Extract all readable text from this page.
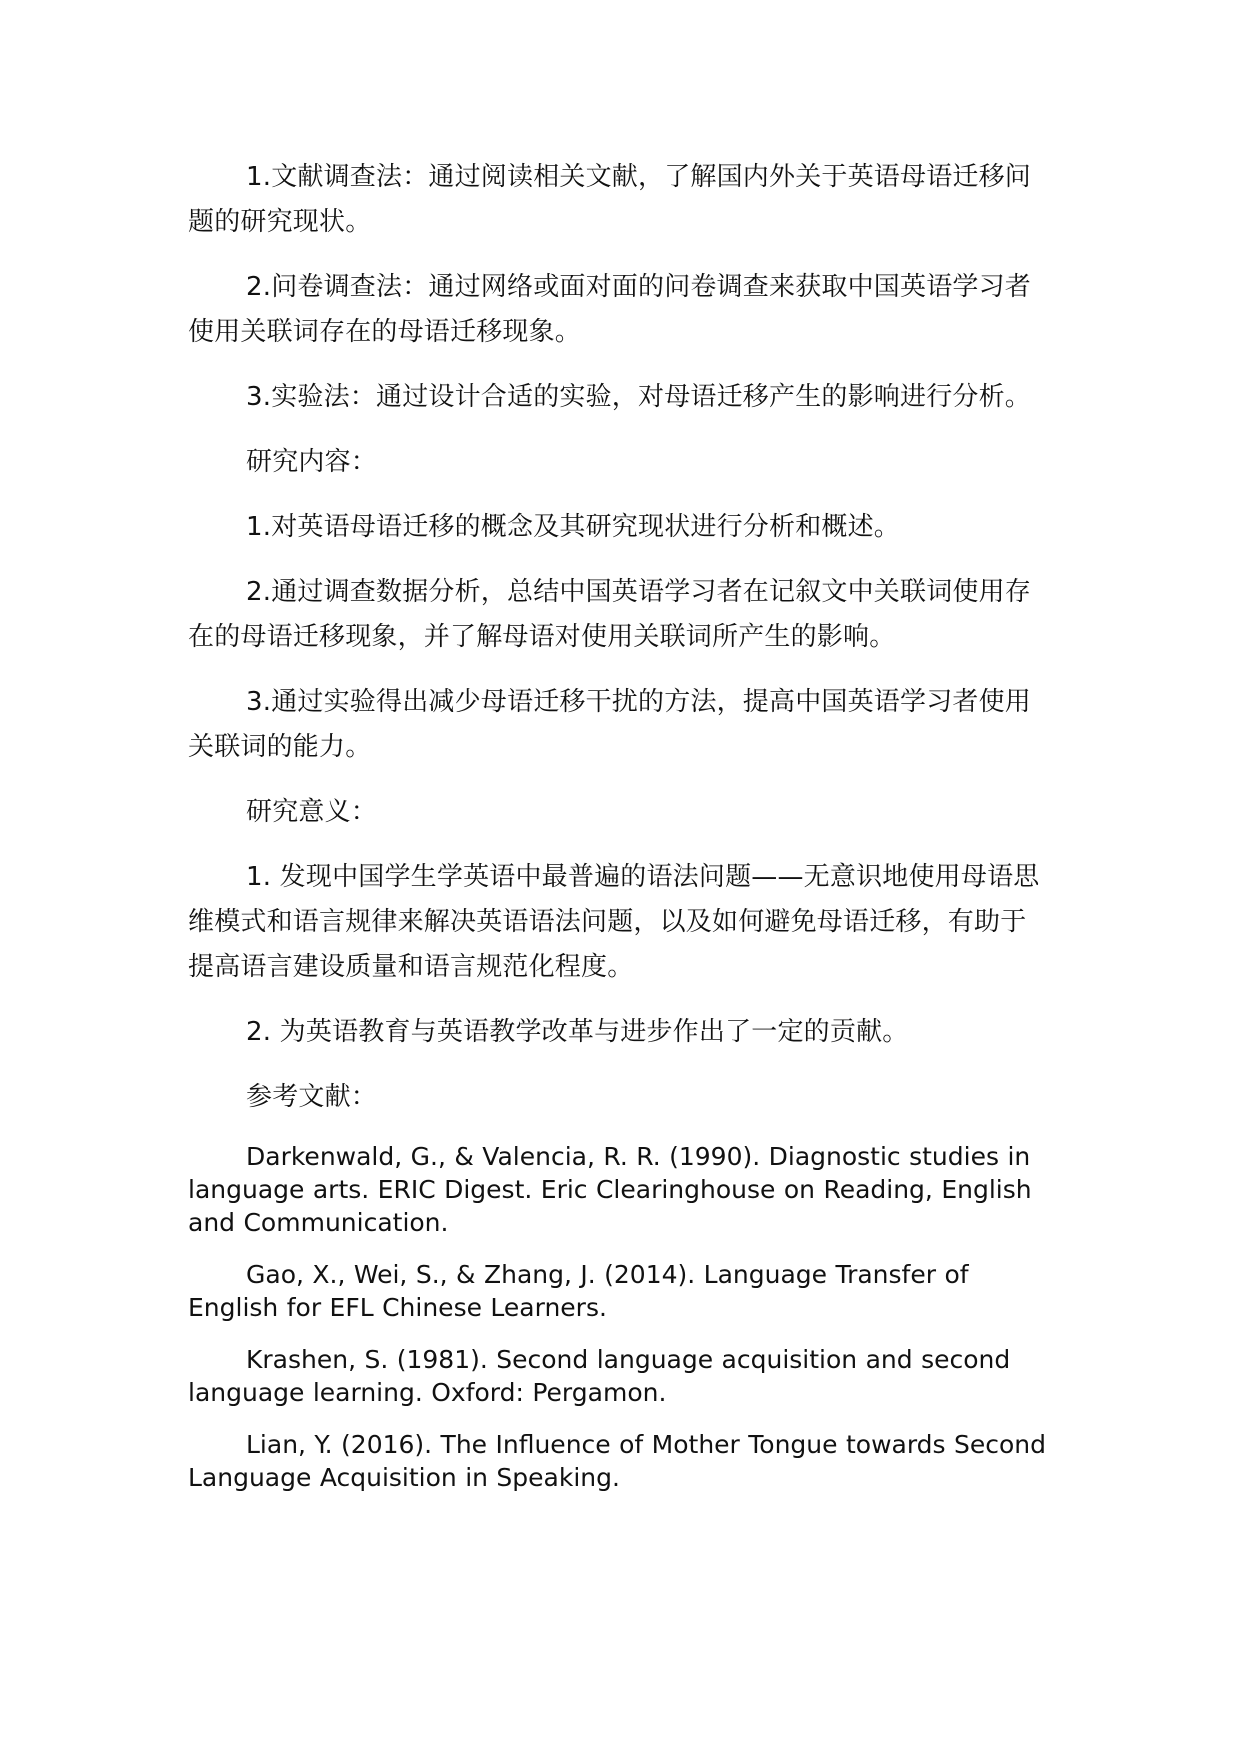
1.文献调查法：通过阅读相关文献，了解国内外关于英语母语迁移问题的研究现状。

2.问卷调查法：通过网络或面对面的问卷调查来获取中国英语学习者使用关联词存在的母语迁移现象。

3.实验法：通过设计合适的实验，对母语迁移产生的影响进行分析。

研究内容：

1.对英语母语迁移的概念及其研究现状进行分析和概述。

2.通过调查数据分析，总结中国英语学习者在记叙文中关联词使用存在的母语迁移现象，并了解母语对使用关联词所产生的影响。

3.通过实验得出减少母语迁移干扰的方法，提高中国英语学习者使用关联词的能力。

研究意义：

1. 发现中国学生学英语中最普遍的语法问题——无意识地使用母语思维模式和语言规律来解决英语语法问题，以及如何避免母语迁移，有助于提高语言建设质量和语言规范化程度。

2. 为英语教育与英语教学改革与进步作出了一定的贡献。

参考文献：

Darkenwald, G., & Valencia, R. R. (1990). Diagnostic studies in language arts. ERIC Digest. Eric Clearinghouse on Reading, English and Communication.

Gao, X., Wei, S., & Zhang, J. (2014). Language Transfer of English for EFL Chinese Learners.

Krashen, S. (1981). Second language acquisition and second language learning. Oxford: Pergamon.

Lian, Y. (2016). The Influence of Mother Tongue towards Second Language Acquisition in Speaking.
